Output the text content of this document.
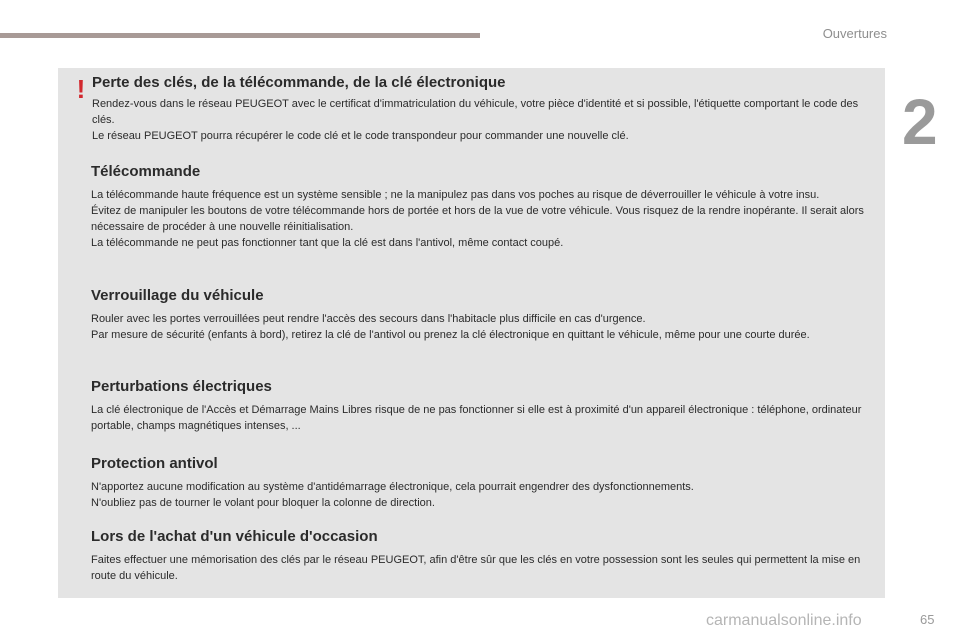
Ouvertures
2
! Perte des clés, de la télécommande, de la clé électronique

Rendez-vous dans le réseau PEUGEOT avec le certificat d'immatriculation du véhicule, votre pièce d'identité et si possible, l'étiquette comportant le code des clés.

Le réseau PEUGEOT pourra récupérer le code clé et le code transpondeur pour commander une nouvelle clé.

Télécommande

La télécommande haute fréquence est un système sensible ; ne la manipulez pas dans vos poches au risque de déverrouiller le véhicule à votre insu.

Évitez de manipuler les boutons de votre télécommande hors de portée et hors de la vue de votre véhicule. Vous risquez de la rendre inopérante. Il serait alors nécessaire de procéder à une nouvelle réinitialisation.

La télécommande ne peut pas fonctionner tant que la clé est dans l'antivol, même contact coupé.

Verrouillage du véhicule

Rouler avec les portes verrouillées peut rendre l'accès des secours dans l'habitacle plus difficile en cas d'urgence.

Par mesure de sécurité (enfants à bord), retirez la clé de l'antivol ou prenez la clé électronique en quittant le véhicule, même pour une courte durée.

Perturbations électriques

La clé électronique de l'Accès et Démarrage Mains Libres risque de ne pas fonctionner si elle est à proximité d'un appareil électronique : téléphone, ordinateur portable, champs magnétiques intenses, ...

Protection antivol

N'apportez aucune modification au système d'antidémarrage électronique, cela pourrait engendrer des dysfonctionnements.

N'oubliez pas de tourner le volant pour bloquer la colonne de direction.

Lors de l'achat d'un véhicule d'occasion

Faites effectuer une mémorisation des clés par le réseau PEUGEOT, afin d'être sûr que les clés en votre possession sont les seules qui permettent la mise en route du véhicule.

carmanualsonline.info	65
